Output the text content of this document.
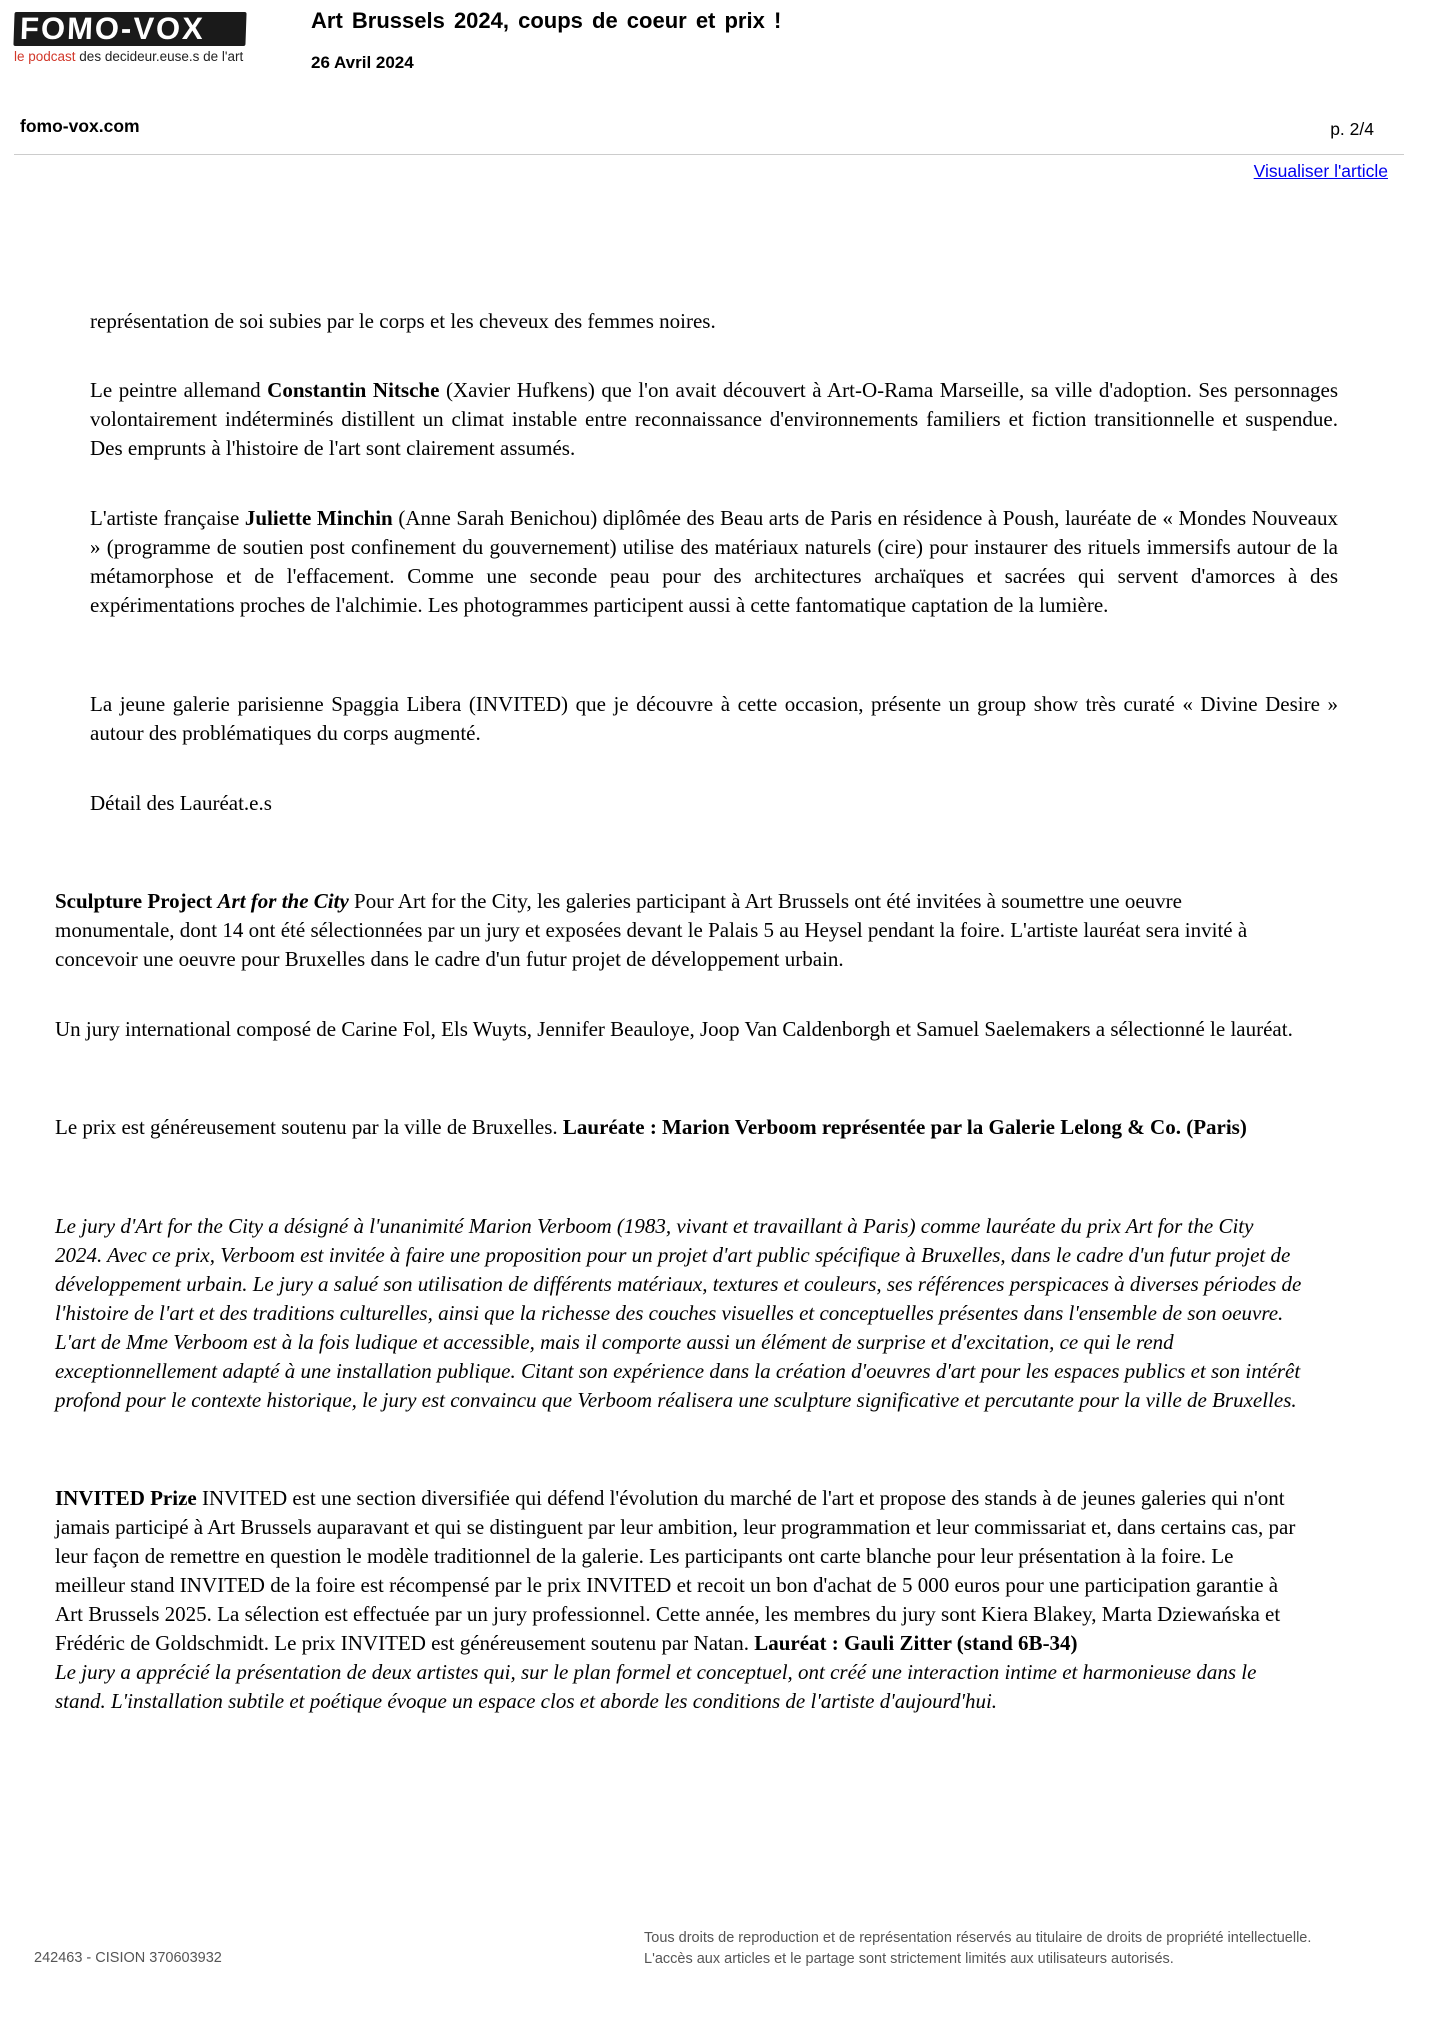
FOMO-VOX
le podcast des decideur.euse.s de l'art
Art Brussels 2024, coups de coeur et prix !
26 Avril 2024
fomo-vox.com	p. 2/4
Visualiser l'article

représentation de soi subies par le corps et les cheveux des femmes noires.

Le peintre allemand Constantin Nitsche (Xavier Hufkens) que l'on avait découvert à Art-O-Rama Marseille, sa ville d'adoption. Ses personnages volontairement indéterminés distillent un climat instable entre reconnaissance d'environnements familiers et fiction transitionnelle et suspendue. Des emprunts à l'histoire de l'art sont clairement assumés.

L'artiste française Juliette Minchin (Anne Sarah Benichou) diplômée des Beau arts de Paris en résidence à Poush, lauréate de « Mondes Nouveaux » (programme de soutien post confinement du gouvernement) utilise des matériaux naturels (cire) pour instaurer des rituels immersifs autour de la métamorphose et de l'effacement. Comme une seconde peau pour des architectures archaïques et sacrées qui servent d'amorces à des expérimentations proches de l'alchimie. Les photogrammes participent aussi à cette fantomatique captation de la lumière.

La jeune galerie parisienne Spaggia Libera (INVITED) que je découvre à cette occasion, présente un group show très curaté « Divine Desire » autour des problématiques du corps augmenté.

Détail des Lauréat.e.s

Sculpture Project Art for the City Pour Art for the City, les galeries participant à Art Brussels ont été invitées à soumettre une oeuvre monumentale, dont 14 ont été sélectionnées par un jury et exposées devant le Palais 5 au Heysel pendant la foire. L'artiste lauréat sera invité à concevoir une oeuvre pour Bruxelles dans le cadre d'un futur projet de développement urbain.

Un jury international composé de Carine Fol, Els Wuyts, Jennifer Beauloye, Joop Van Caldenborgh et Samuel Saelemakers a sélectionné le lauréat.

Le prix est généreusement soutenu par la ville de Bruxelles. Lauréate : Marion Verboom représentée par la Galerie Lelong & Co. (Paris)

Le jury d'Art for the City a désigné à l'unanimité Marion Verboom (1983, vivant et travaillant à Paris) comme lauréate du prix Art for the City 2024. Avec ce prix, Verboom est invitée à faire une proposition pour un projet d'art public spécifique à Bruxelles, dans le cadre d'un futur projet de développement urbain. Le jury a salué son utilisation de différents matériaux, textures et couleurs, ses références perspicaces à diverses périodes de l'histoire de l'art et des traditions culturelles, ainsi que la richesse des couches visuelles et conceptuelles présentes dans l'ensemble de son oeuvre. L'art de Mme Verboom est à la fois ludique et accessible, mais il comporte aussi un élément de surprise et d'excitation, ce qui le rend exceptionnellement adapté à une installation publique. Citant son expérience dans la création d'oeuvres d'art pour les espaces publics et son intérêt profond pour le contexte historique, le jury est convaincu que Verboom réalisera une sculpture significative et percutante pour la ville de Bruxelles.

INVITED Prize INVITED est une section diversifiée qui défend l'évolution du marché de l'art et propose des stands à de jeunes galeries qui n'ont jamais participé à Art Brussels auparavant et qui se distinguent par leur ambition, leur programmation et leur commissariat et, dans certains cas, par leur façon de remettre en question le modèle traditionnel de la galerie. Les participants ont carte blanche pour leur présentation à la foire. Le meilleur stand INVITED de la foire est récompensé par le prix INVITED et recoit un bon d'achat de 5 000 euros pour une participation garantie à Art Brussels 2025. La sélection est effectuée par un jury professionnel. Cette année, les membres du jury sont Kiera Blakey, Marta Dziewańska et Frédéric de Goldschmidt. Le prix INVITED est généreusement soutenu par Natan. Lauréat : Gauli Zitter (stand 6B-34)
Le jury a apprécié la présentation de deux artistes qui, sur le plan formel et conceptuel, ont créé une interaction intime et harmonieuse dans le stand. L'installation subtile et poétique évoque un espace clos et aborde les conditions de l'artiste d'aujourd'hui.

242463 - CISION 370603932
Tous droits de reproduction et de représentation réservés au titulaire de droits de propriété intellectuelle.
L'accès aux articles et le partage sont strictement limités aux utilisateurs autorisés.
